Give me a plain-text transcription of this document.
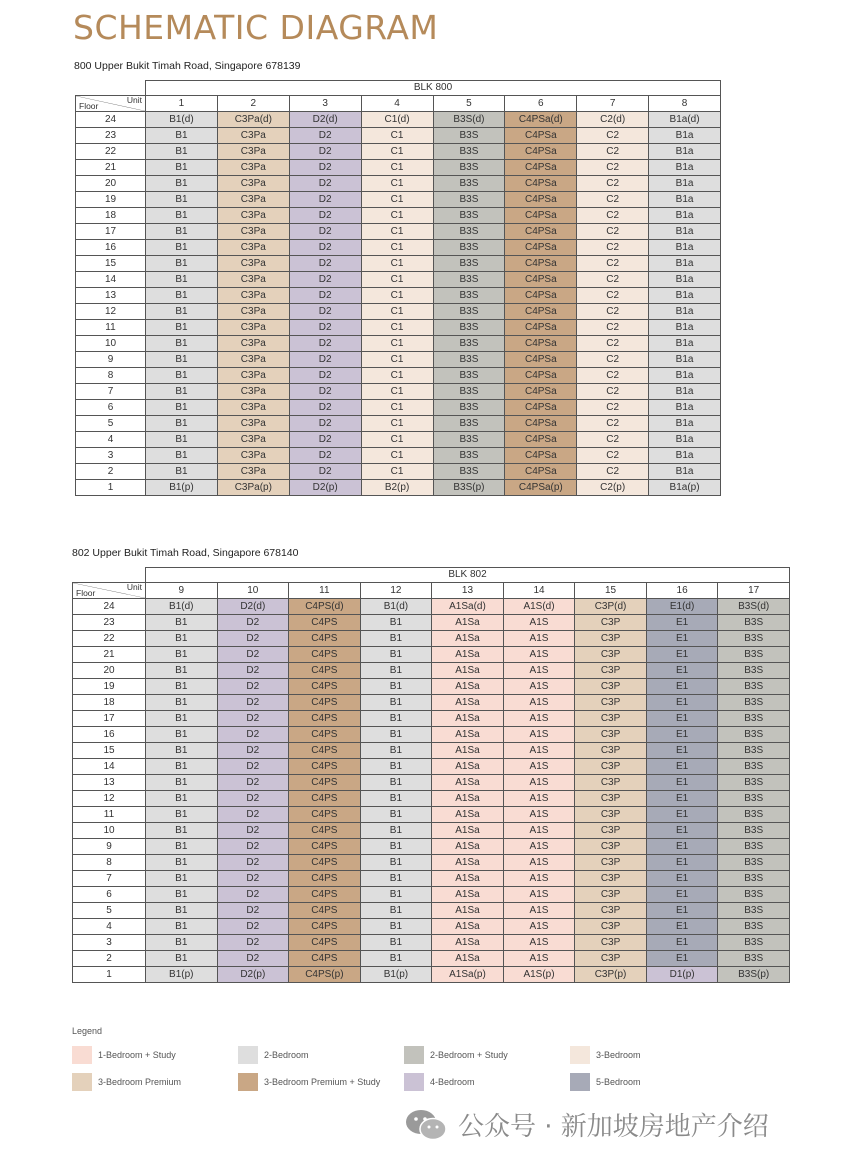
SCHEMATIC DIAGRAM
800 Upper Bukit Timah Road, Singapore 678139
	BLK 800							

Unit
Floor	1	2	3	4	5	6	7	8
24	B1(d)	C3Pa(d)	D2(d)	C1(d)	B3S(d)	C4PSa(d)	C2(d)	B1a(d)
23	B1	C3Pa	D2	C1	B3S	C4PSa	C2	B1a
22	B1	C3Pa	D2	C1	B3S	C4PSa	C2	B1a
21	B1	C3Pa	D2	C1	B3S	C4PSa	C2	B1a
20	B1	C3Pa	D2	C1	B3S	C4PSa	C2	B1a
19	B1	C3Pa	D2	C1	B3S	C4PSa	C2	B1a
18	B1	C3Pa	D2	C1	B3S	C4PSa	C2	B1a
17	B1	C3Pa	D2	C1	B3S	C4PSa	C2	B1a
16	B1	C3Pa	D2	C1	B3S	C4PSa	C2	B1a
15	B1	C3Pa	D2	C1	B3S	C4PSa	C2	B1a
14	B1	C3Pa	D2	C1	B3S	C4PSa	C2	B1a
13	B1	C3Pa	D2	C1	B3S	C4PSa	C2	B1a
12	B1	C3Pa	D2	C1	B3S	C4PSa	C2	B1a
11	B1	C3Pa	D2	C1	B3S	C4PSa	C2	B1a
10	B1	C3Pa	D2	C1	B3S	C4PSa	C2	B1a
9	B1	C3Pa	D2	C1	B3S	C4PSa	C2	B1a
8	B1	C3Pa	D2	C1	B3S	C4PSa	C2	B1a
7	B1	C3Pa	D2	C1	B3S	C4PSa	C2	B1a
6	B1	C3Pa	D2	C1	B3S	C4PSa	C2	B1a
5	B1	C3Pa	D2	C1	B3S	C4PSa	C2	B1a
4	B1	C3Pa	D2	C1	B3S	C4PSa	C2	B1a
3	B1	C3Pa	D2	C1	B3S	C4PSa	C2	B1a
2	B1	C3Pa	D2	C1	B3S	C4PSa	C2	B1a
1	B1(p)	C3Pa(p)	D2(p)	B2(p)	B3S(p)	C4PSa(p)	C2(p)	B1a(p)
802 Upper Bukit Timah Road, Singapore 678140
	BLK 802								

Unit
Floor	9	10	11	12	13	14	15	16	17
24	B1(d)	D2(d)	C4PS(d)	B1(d)	A1Sa(d)	A1S(d)	C3P(d)	E1(d)	B3S(d)
23	B1	D2	C4PS	B1	A1Sa	A1S	C3P	E1	B3S
22	B1	D2	C4PS	B1	A1Sa	A1S	C3P	E1	B3S
21	B1	D2	C4PS	B1	A1Sa	A1S	C3P	E1	B3S
20	B1	D2	C4PS	B1	A1Sa	A1S	C3P	E1	B3S
19	B1	D2	C4PS	B1	A1Sa	A1S	C3P	E1	B3S
18	B1	D2	C4PS	B1	A1Sa	A1S	C3P	E1	B3S
17	B1	D2	C4PS	B1	A1Sa	A1S	C3P	E1	B3S
16	B1	D2	C4PS	B1	A1Sa	A1S	C3P	E1	B3S
15	B1	D2	C4PS	B1	A1Sa	A1S	C3P	E1	B3S
14	B1	D2	C4PS	B1	A1Sa	A1S	C3P	E1	B3S
13	B1	D2	C4PS	B1	A1Sa	A1S	C3P	E1	B3S
12	B1	D2	C4PS	B1	A1Sa	A1S	C3P	E1	B3S
11	B1	D2	C4PS	B1	A1Sa	A1S	C3P	E1	B3S
10	B1	D2	C4PS	B1	A1Sa	A1S	C3P	E1	B3S
9	B1	D2	C4PS	B1	A1Sa	A1S	C3P	E1	B3S
8	B1	D2	C4PS	B1	A1Sa	A1S	C3P	E1	B3S
7	B1	D2	C4PS	B1	A1Sa	A1S	C3P	E1	B3S
6	B1	D2	C4PS	B1	A1Sa	A1S	C3P	E1	B3S
5	B1	D2	C4PS	B1	A1Sa	A1S	C3P	E1	B3S
4	B1	D2	C4PS	B1	A1Sa	A1S	C3P	E1	B3S
3	B1	D2	C4PS	B1	A1Sa	A1S	C3P	E1	B3S
2	B1	D2	C4PS	B1	A1Sa	A1S	C3P	E1	B3S
1	B1(p)	D2(p)	C4PS(p)	B1(p)	A1Sa(p)	A1S(p)	C3P(p)	D1(p)	B3S(p)
Legend
1-Bedroom + Study	2-Bedroom	2-Bedroom + Study	3-Bedroom
3-Bedroom Premium	3-Bedroom Premium + Study	4-Bedroom	5-Bedroom
公众号 · 新加坡房地产介绍
